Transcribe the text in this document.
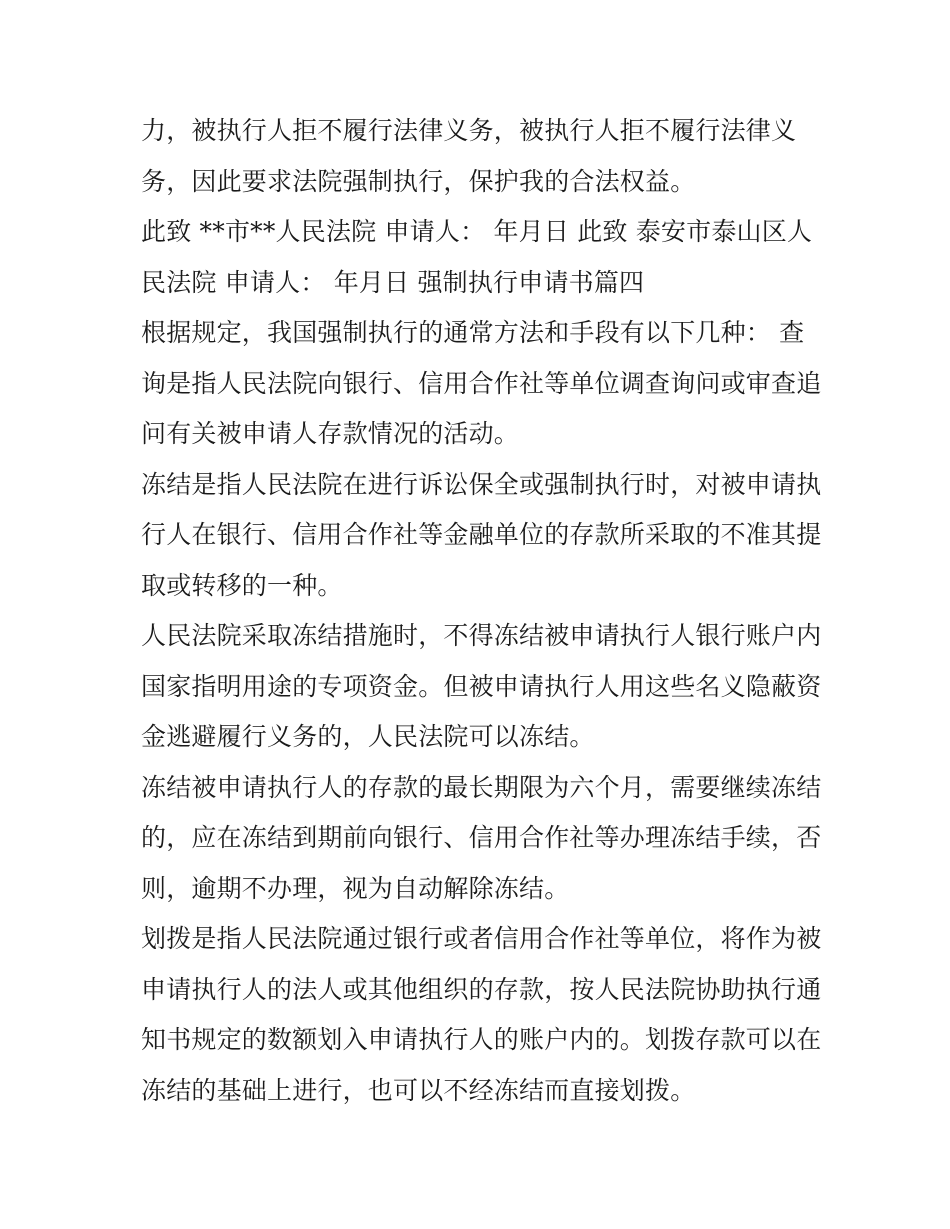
力，被执行人拒不履行法律义务，被执行人拒不履行法律义
务，因此要求法院强制执行，保护我的合法权益。
此致 **市**人民法院 申请人： 年月日 此致 泰安市泰山区人
民法院 申请人： 年月日 强制执行申请书篇四
根据规定，我国强制执行的通常方法和手段有以下几种： 查
询是指人民法院向银行、信用合作社等单位调查询问或审查追
问有关被申请人存款情况的活动。
冻结是指人民法院在进行诉讼保全或强制执行时，对被申请执
行人在银行、信用合作社等金融单位的存款所采取的不准其提
取或转移的一种。
人民法院采取冻结措施时，不得冻结被申请执行人银行账户内
国家指明用途的专项资金。但被申请执行人用这些名义隐蔽资
金逃避履行义务的，人民法院可以冻结。
冻结被申请执行人的存款的最长期限为六个月，需要继续冻结
的，应在冻结到期前向银行、信用合作社等办理冻结手续，否
则，逾期不办理，视为自动解除冻结。
划拨是指人民法院通过银行或者信用合作社等单位，将作为被
申请执行人的法人或其他组织的存款，按人民法院协助执行通
知书规定的数额划入申请执行人的账户内的。划拨存款可以在
冻结的基础上进行，也可以不经冻结而直接划拨。
